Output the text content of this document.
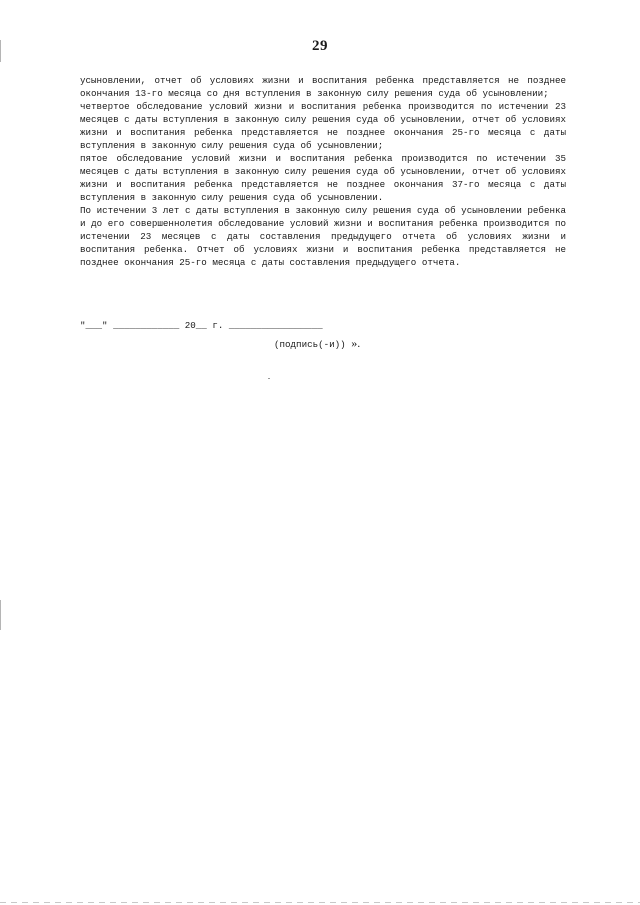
29

усыновлении, отчет об условиях жизни и воспитания ребенка представляется не позднее окончания 13-го месяца со дня вступления в законную силу решения суда об усыновлении;

четвертое обследование условий жизни и воспитания ребенка производится по истечении 23 месяцев с даты вступления в законную силу решения суда об усыновлении, отчет об условиях жизни и воспитания ребенка представляется не позднее окончания 25-го месяца с даты вступления в законную силу решения суда об усыновлении;

пятое обследование условий жизни и воспитания ребенка производится по истечении 35 месяцев с даты вступления в законную силу решения суда об усыновлении, отчет об условиях жизни и воспитания ребенка представляется не позднее окончания 37-го месяца с даты вступления в законную силу решения суда об усыновлении.

По истечении 3 лет с даты вступления в законную силу решения суда об усыновлении ребенка и до его совершеннолетия обследование условий жизни и воспитания ребенка производится по истечении 23 месяцев с даты составления предыдущего отчета об условиях жизни и воспитания ребенка. Отчет об условиях жизни и воспитания ребенка представляется не позднее окончания 25-го месяца с даты составления предыдущего отчета.

"___" ____________ 20__ г. _________________
(подпись(-и)) ».
